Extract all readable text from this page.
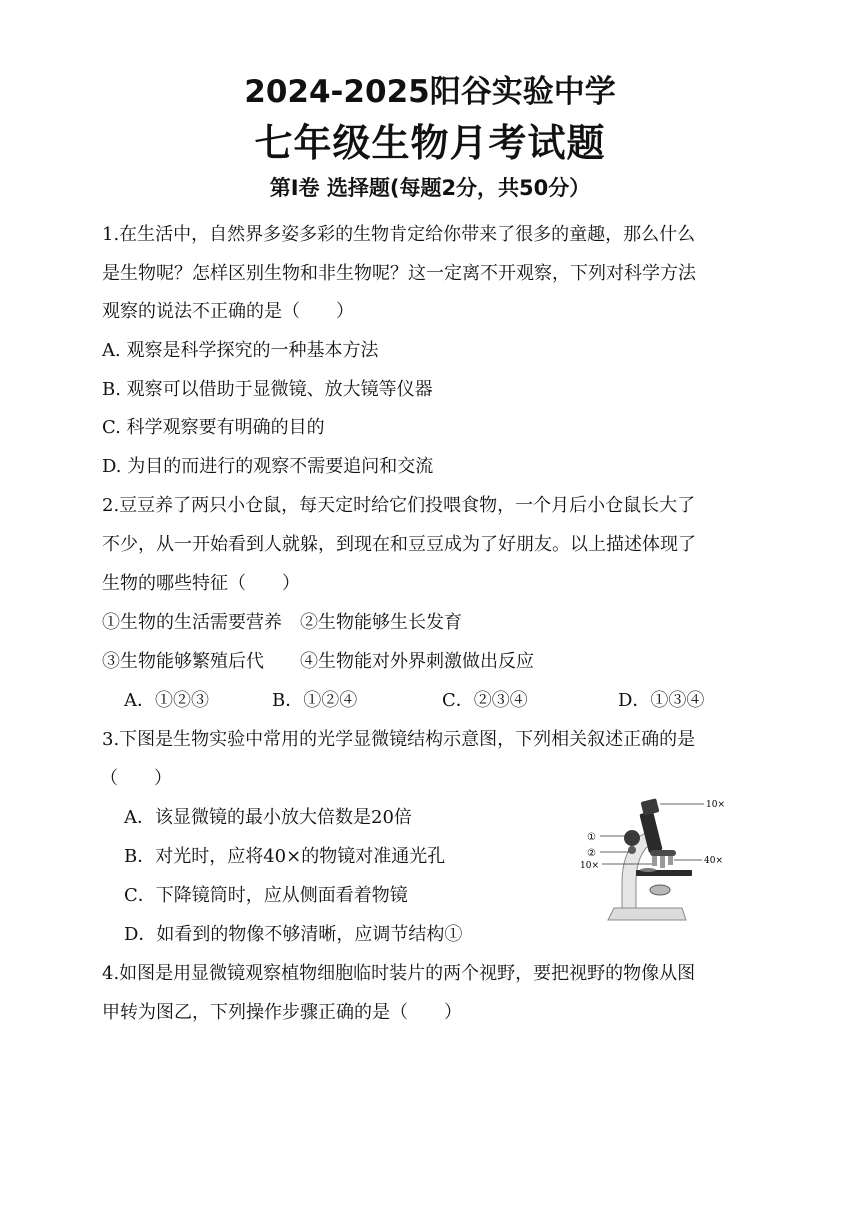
2024-2025阳谷实验中学
七年级生物月考试题
第Ⅰ卷 选择题(每题2分，共50分）
1.在生活中，自然界多姿多彩的生物肯定给你带来了很多的童趣，那么什么
是生物呢？怎样区别生物和非生物呢？这一定离不开观察，下列对科学方法
观察的说法不正确的是（　　）
A. 观察是科学探究的一种基本方法
B. 观察可以借助于显微镜、放大镜等仪器
C. 科学观察要有明确的目的
D. 为目的而进行的观察不需要追问和交流
2.豆豆养了两只小仓鼠，每天定时给它们投喂食物，一个月后小仓鼠长大了
不少，从一开始看到人就躲，到现在和豆豆成为了好朋友。以上描述体现了
生物的哪些特征（　　）
①生物的生活需要营养　②生物能够生长发育
③生物能够繁殖后代　　④生物能对外界刺激做出反应
A．①②③	B．①②④	C．②③④	D．①③④
3.下图是生物实验中常用的光学显微镜结构示意图，下列相关叙述正确的是
（　　）
A．该显微镜的最小放大倍数是20倍
B．对光时，应将40×的物镜对准通光孔
C．下降镜筒时，应从侧面看着物镜
D．如看到的物像不够清晰，应调节结构①
10×
①
②
10×	40×
4.如图是用显微镜观察植物细胞临时装片的两个视野，要把视野的物像从图
甲转为图乙，下列操作步骤正确的是（　　）
